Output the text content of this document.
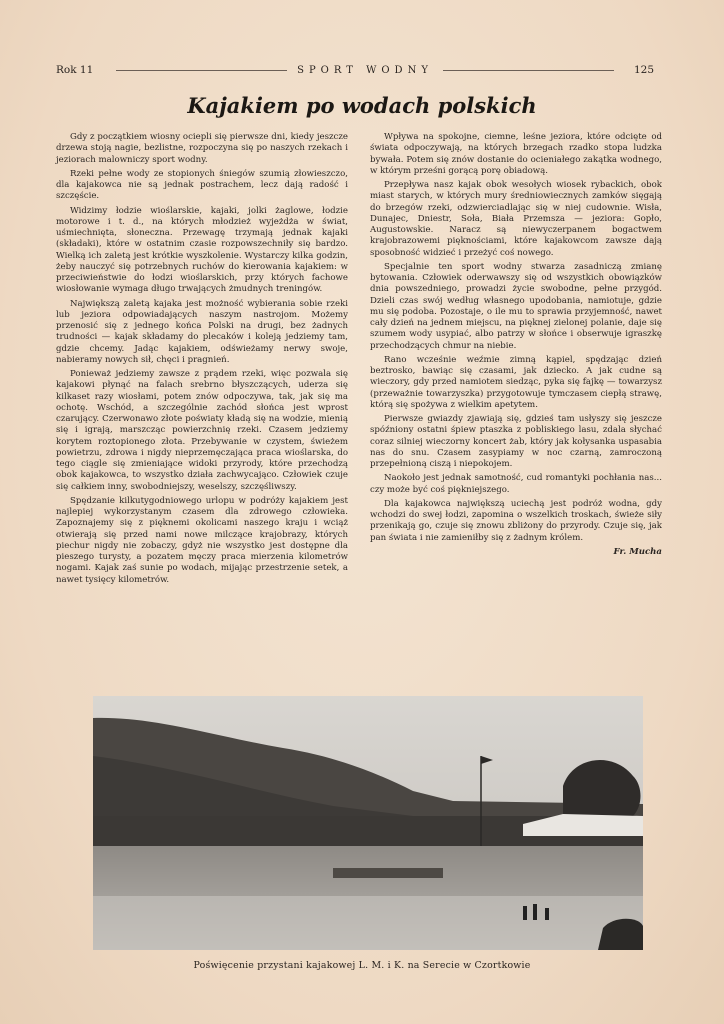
Rok 11	SPORT WODNY	125
Kajakiem po wodach polskich

Gdy z początkiem wiosny ociepli się pierwsze dni, kiedy jeszcze drzewa stoją nagie, bezlistne, rozpoczyna się po naszych rzekach i jeziorach malowniczy sport wodny.

Rzeki pełne wody ze stopionych śniegów szumią złowieszczo, dla kajakowca nie są jednak postrachem, lecz dają radość i szczęście.

Widzimy łodzie wioślarskie, kajaki, jolki żaglowe, łodzie motorowe i t. d., na których młodzież wyjeżdża w świat, uśmiechnięta, słoneczna. Przewagę trzymają jednak kajaki (składaki), które w ostatnim czasie rozpowszechniły się bardzo. Wielką ich zaletą jest krótkie wyszkolenie. Wystarczy kilka godzin, żeby nauczyć się potrzebnych ruchów do kierowania kajakiem: w przeciwieństwie do łodzi wioślarskich, przy których fachowe wiosłowanie wymaga długo trwających żmudnych treningów.

Największą zaletą kajaka jest możność wybierania sobie rzeki lub jeziora odpowiadających naszym nastrojom. Możemy przenosić się z jednego końca Polski na drugi, bez żadnych trudności — kajak składamy do plecaków i koleją jedziemy tam, gdzie chcemy. Jadąc kajakiem, odświeżamy nerwy swoje, nabieramy nowych sił, chęci i pragnień.

Ponieważ jedziemy zawsze z prądem rzeki, więc pozwala się kajakowi płynąć na falach srebrno błyszczących, uderza się kilkaset razy wiosłami, potem znów odpoczywa, tak, jak się ma ochotę. Wschód, a szczególnie zachód słońca jest wprost czarujący. Czerwonawo złote poświaty kładą się na wodzie, mienią się i igrają, marszcząc powierzchnię rzeki. Czasem jedziemy korytem roztopionego złota. Przebywanie w czystem, świeżem powietrzu, zdrowa i nigdy nieprzemęczająca praca wioślarska, do tego ciągle się zmieniające widoki przyrody, które przechodzą obok kajakowca, to wszystko działa zachwycająco. Człowiek czuje się całkiem inny, swobodniejszy, weselszy, szczęśliwszy.

Spędzanie kilkutygodniowego urlopu w podróży kajakiem jest najlepiej wykorzystanym czasem dla zdrowego człowieka. Zapoznajemy się z pięknemi okolicami naszego kraju i wciąż otwierają się przed nami nowe milczące krajobrazy, których piechur nigdy nie zobaczy, gdyż nie wszystko jest dostępne dla pieszego turysty, a pozatem męczy praca mierzenia kilometrów nogami. Kajak zaś sunie po wodach, mijając przestrzenie setek, a nawet tysięcy kilometrów.

Wpływa na spokojne, ciemne, leśne jeziora, które odcięte od świata odpoczywają, na których brzegach rzadko stopa ludzka bywała. Potem się znów dostanie do ocieniałego zakątka wodnego, w którym prześni gorącą porę obiadową.

Przepływa nasz kajak obok wesołych wiosek rybackich, obok miast starych, w których mury średniowiecznych zamków sięgają do brzegów rzeki, odzwierciadlając się w niej cudownie. Wisła, Dunajec, Dniestr, Soła, Biała Przemsza — jeziora: Gopło, Augustowskie. Naracz są niewyczerpanem bogactwem krajobrazowemi pięknościami, które kajakowcom zawsze dają sposobność widzieć i przeżyć coś nowego.

Specjalnie ten sport wodny stwarza zasadniczą zmianę bytowania. Człowiek oderwawszy się od wszystkich obowiązków dnia powszedniego, prowadzi życie swobodne, pełne przygód. Dzieli czas swój według własnego upodobania, namiotuje, gdzie mu się podoba. Pozostaje, o ile mu to sprawia przyjemność, nawet cały dzień na jednem miejscu, na pięknej zielonej polanie, daje się szumem wody usypiać, albo patrzy w słońce i obserwuje igraszkę przechodzących chmur na niebie.

Rano wcześnie weźmie zimną kąpiel, spędzając dzień beztrosko, bawiąc się czasami, jak dziecko. A jak cudne są wieczory, gdy przed namiotem siedząc, pyka się fajkę — towarzysz (przeważnie towarzyszka) przygotowuje tymczasem ciepłą strawę, którą się spożywa z wielkim apetytem.

Pierwsze gwiazdy zjawiają się, gdzieś tam usłyszy się jeszcze spóźniony ostatni śpiew ptaszka z pobliskiego lasu, zdala słychać coraz silniej wieczorny koncert żab, który jak kołysanka uspasabia nas do snu. Czasem zasypiamy w noc czarną, zamroczoną przepełnioną ciszą i niepokojem.

Naokoło jest jednak samotność, cud romantyki pochłania nas... czy może być coś piękniejszego.

Dla kajakowca największą uciechą jest podróż wodna, gdy wchodzi do swej łodzi, zapomina o wszelkich troskach, świeże siły przenikają go, czuje się znowu zbliżony do przyrody. Czuje się, jak pan świata i nie zamieniłby się z żadnym królem.

Fr. Mucha
Poświęcenie przystani kajakowej L. M. i K. na Serecie w Czortkowie
